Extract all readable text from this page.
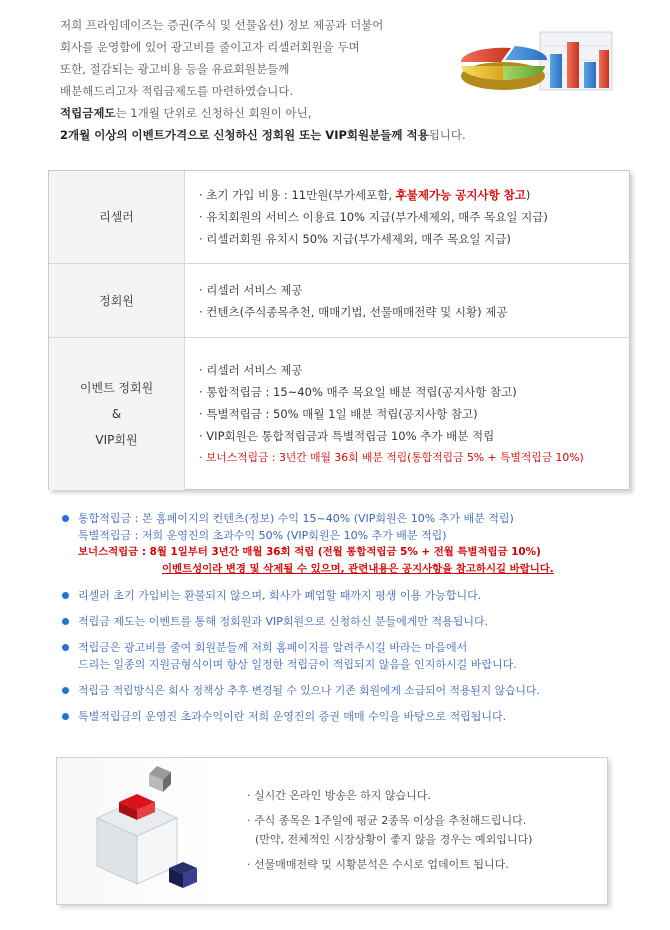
저희 프라임데이즈는 증권(주식 및 선물옵션) 정보 제공과 더불어
회사를 운영함에 있어 광고비를 줄이고자 리셀러회원을 두며
또한, 절감되는 광고비용 등을 유료회원분들께
배분해드리고자 적립금제도를 마련하였습니다.
적립금제도는 1개월 단위로 신청하신 회원이 아닌,
2개월 이상의 이벤트가격으로 신청하신 정회원 또는 VIP회원분들께 적용됩니다.
리셀러
· 초기 가입 비용 : 11만원(부가세포함, 후불제가능 공지사항 참고)
· 유치회원의 서비스 이용료 10% 지급(부가세제외, 매주 목요일 지급)
· 리셀러회원 유치시 50% 지급(부가세제외, 매주 목요일 지급)
정회원
· 리셀러 서비스 제공
· 컨텐츠(주식종목추천, 매매기법, 선물매매전략 및 시황) 제공
이벤트 정회원
&
VIP회원
· 리셀러 서비스 제공
· 통합적립금 : 15~40% 매주 목요일 배분 적립(공지사항 참고)
· 특별적립금 : 50% 매월 1일 배분 적립(공지사항 참고)
· VIP회원은 통합적립금과 특별적립금 10% 추가 배분 적립
· 보너스적립금 : 3년간 매월 36회 배분 적립(통합적립금 5% + 특별적립금 10%)
통합적립금 : 본 홈페이지의 컨텐츠(정보) 수익 15~40% (VIP회원은 10% 추가 배분 적립)
특별적립금 : 저희 운영진의 초과수익 50% (VIP회원은 10% 추가 배분 적립)
보너스적립금 : 8월 1일부터 3년간 매월 36회 적립 (전월 통합적립금 5% + 전월 특별적립금 10%)
이벤트성이라 변경 및 삭제될 수 있으며, 관련내용은 공지사항을 참고하시길 바랍니다.
리셀러 초기 가입비는 환불되지 않으며, 회사가 폐업할 때까지 평생 이용 가능합니다.
적립금 제도는 이벤트를 통해 정회원과 VIP회원으로 신청하신 분들에게만 적용됩니다.
적립금은 광고비를 줄여 회원분들께 저희 홈페이지를 알려주시길 바라는 마음에서
드리는 일종의 지원금형식이며 항상 일정한 적립금이 적립되지 않음을 인지하시길 바랍니다.
적립금 적립방식은 회사 정책상 추후 변경될 수 있으나 기존 회원에게 소급되어 적용된지 않습니다.
특별적립금의 운영진 초과수익이란 저희 운영진의 증권 매매 수익을 바탕으로 적립됩니다.
· 실시간 온라인 방송은 하지 않습니다.
· 주식 종목은 1주일에 평균 2종목 이상을 추천해드립니다.
(만약, 전체적인 시장상황이 좋지 않을 경우는 예외입니다)
· 선물매매전략 및 시황분석은 수시로 업데이트 됩니다.
